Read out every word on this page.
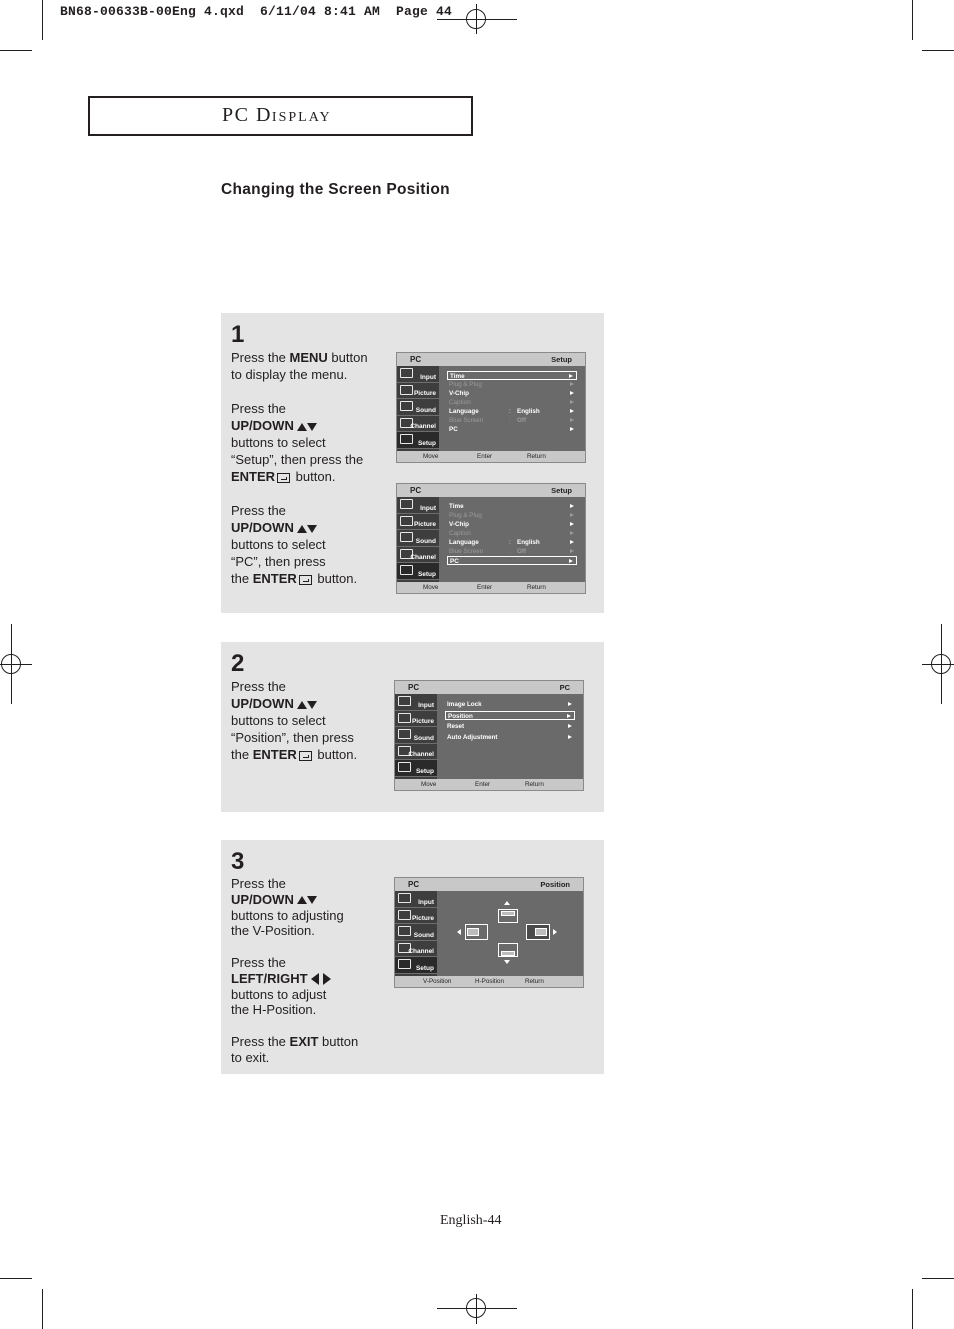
BN68-00633B-00Eng 4.qxd  6/11/04 8:41 AM  Page 44
PC DISPLAY
Changing the Screen Position
1
Press the MENU button
to display the menu.
Press the
UP/DOWN
buttons to select
“Setup”, then press the
ENTER button.
Press the
UP/DOWN
buttons to select
“PC”, then press
the ENTER button.
PC	Setup
Input
Picture
Sound
Channel
Setup
Time
Plug & Plug
V-Chip
Caption
Language	: English
Blue Screen	: Off
PC
Move	Enter	Return
PC	Setup
Input
Picture
Sound
Channel
Setup
Time
Plug & Plug
V-Chip
Caption
Language	: English
Blue Screen	: Off
PC
Move	Enter	Return
2
Press the
UP/DOWN
buttons to select
“Position”, then press
the ENTER button.
PC	PC
Input
Picture
Sound
Channel
Setup
Image Lock
Position
Reset
Auto Adjustment
Move	Enter	Return
3
Press the
UP/DOWN
buttons to adjusting
the V-Position.
Press the
LEFT/RIGHT
buttons to adjust
the H-Position.
Press the EXIT button
to exit.
PC	Position
Input
Picture
Sound
Channel
Setup
V-Position	H-Position	Return
English-44
